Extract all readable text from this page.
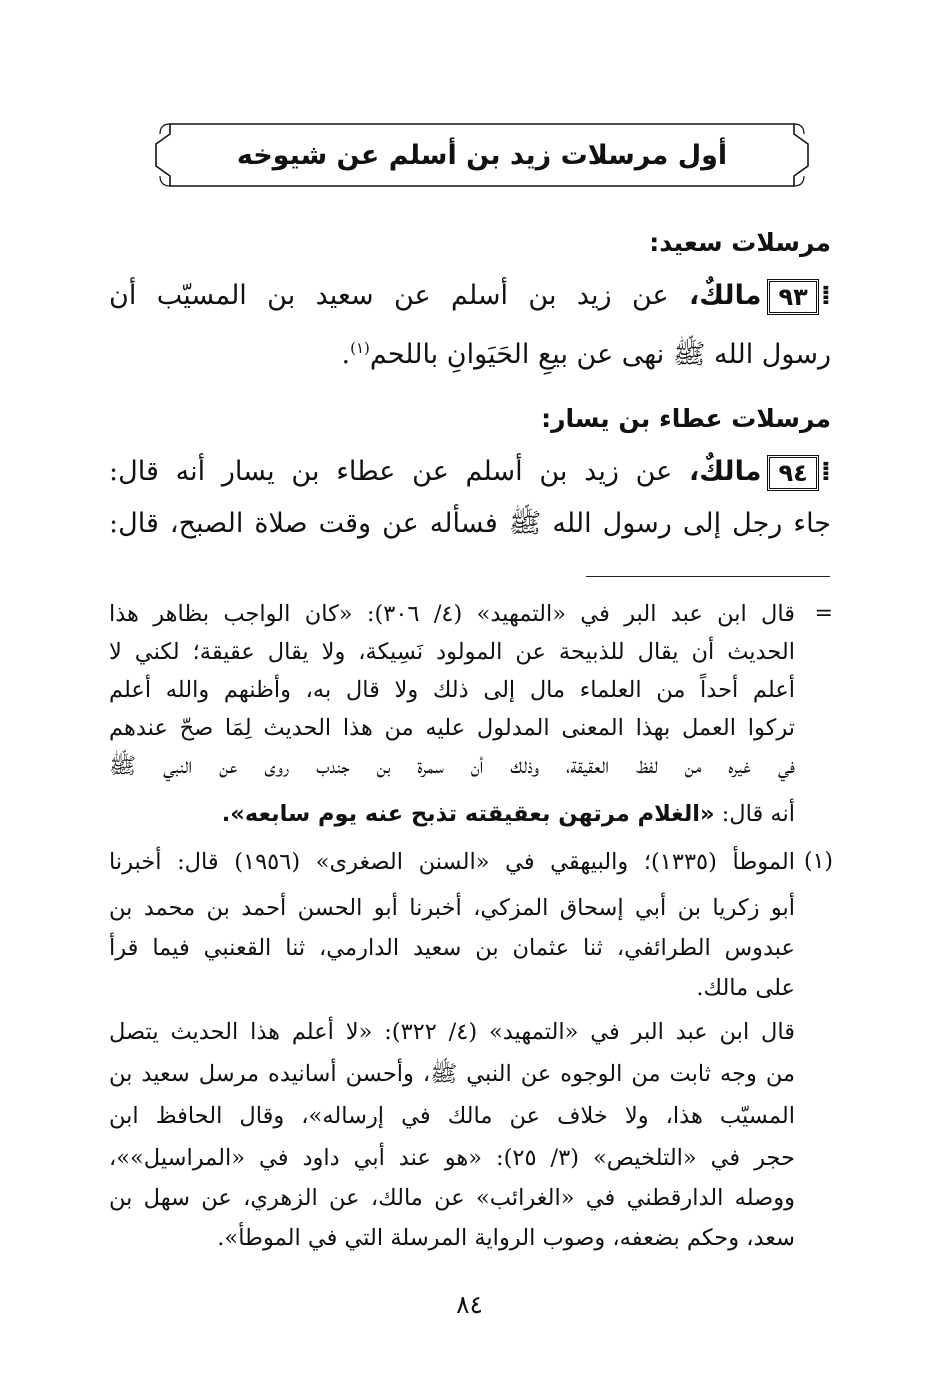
أول مرسلات زيد بن أسلم عن شيوخه
مرسلات سعيد:
⁞٩٣مالكٌ، عن زيد بن أسلم عن سعيد بن المسيّب أن
رسول الله ﷺ نهى عن بيعِ الحَيَوانِ باللحم$^{(١)}$.
مرسلات عطاء بن يسار:
⁞٩٤مالكٌ، عن زيد بن أسلم عن عطاء بن يسار أنه قال:
جاء رجل إلى رسول الله ﷺ فسأله عن وقت صلاة الصبح، قال:
=
قال ابن عبد البر في «التمهيد» (٤/ ٣٠٦): «كان الواجب بظاهر هذا
الحديث أن يقال للذبيحة عن المولود نَسِيكة، ولا يقال عقيقة؛ لكني لا
أعلم أحداً من العلماء مال إلى ذلك ولا قال به، وأظنهم والله أعلم
تركوا العمل بهذا المعنى المدلول عليه من هذا الحديث لِمَا صحّ عندهم
في غيره من لفظ العقيقة، وذلك أن سمرة بن جندب روى عن النبي ﷺ
أنه قال: «الغلام مرتهن بعقيقته تذبح عنه يوم سابعه».
(١)
الموطأ (١٣٣٥)؛ والبيهقي في «السنن الصغرى» (١٩٥٦) قال: أخبرنا
أبو زكريا بن أبي إسحاق المزكي، أخبرنا أبو الحسن أحمد بن محمد بن
عبدوس الطرائفي، ثنا عثمان بن سعيد الدارمي، ثنا القعنبي فيما قرأ
على مالك.
قال ابن عبد البر في «التمهيد» (٤/ ٣٢٢): «لا أعلم هذا الحديث يتصل
من وجه ثابت من الوجوه عن النبي ﷺ، وأحسن أسانيده مرسل سعيد بن
المسيّب هذا، ولا خلاف عن مالك في إرساله»، وقال الحافظ ابن
حجر في «التلخيص» (٣/ ٢٥): «هو عند أبي داود في «المراسيل»»،
ووصله الدارقطني في «الغرائب» عن مالك، عن الزهري، عن سهل بن
سعد، وحكم بضعفه، وصوب الرواية المرسلة التي في الموطأ».
٨٤
